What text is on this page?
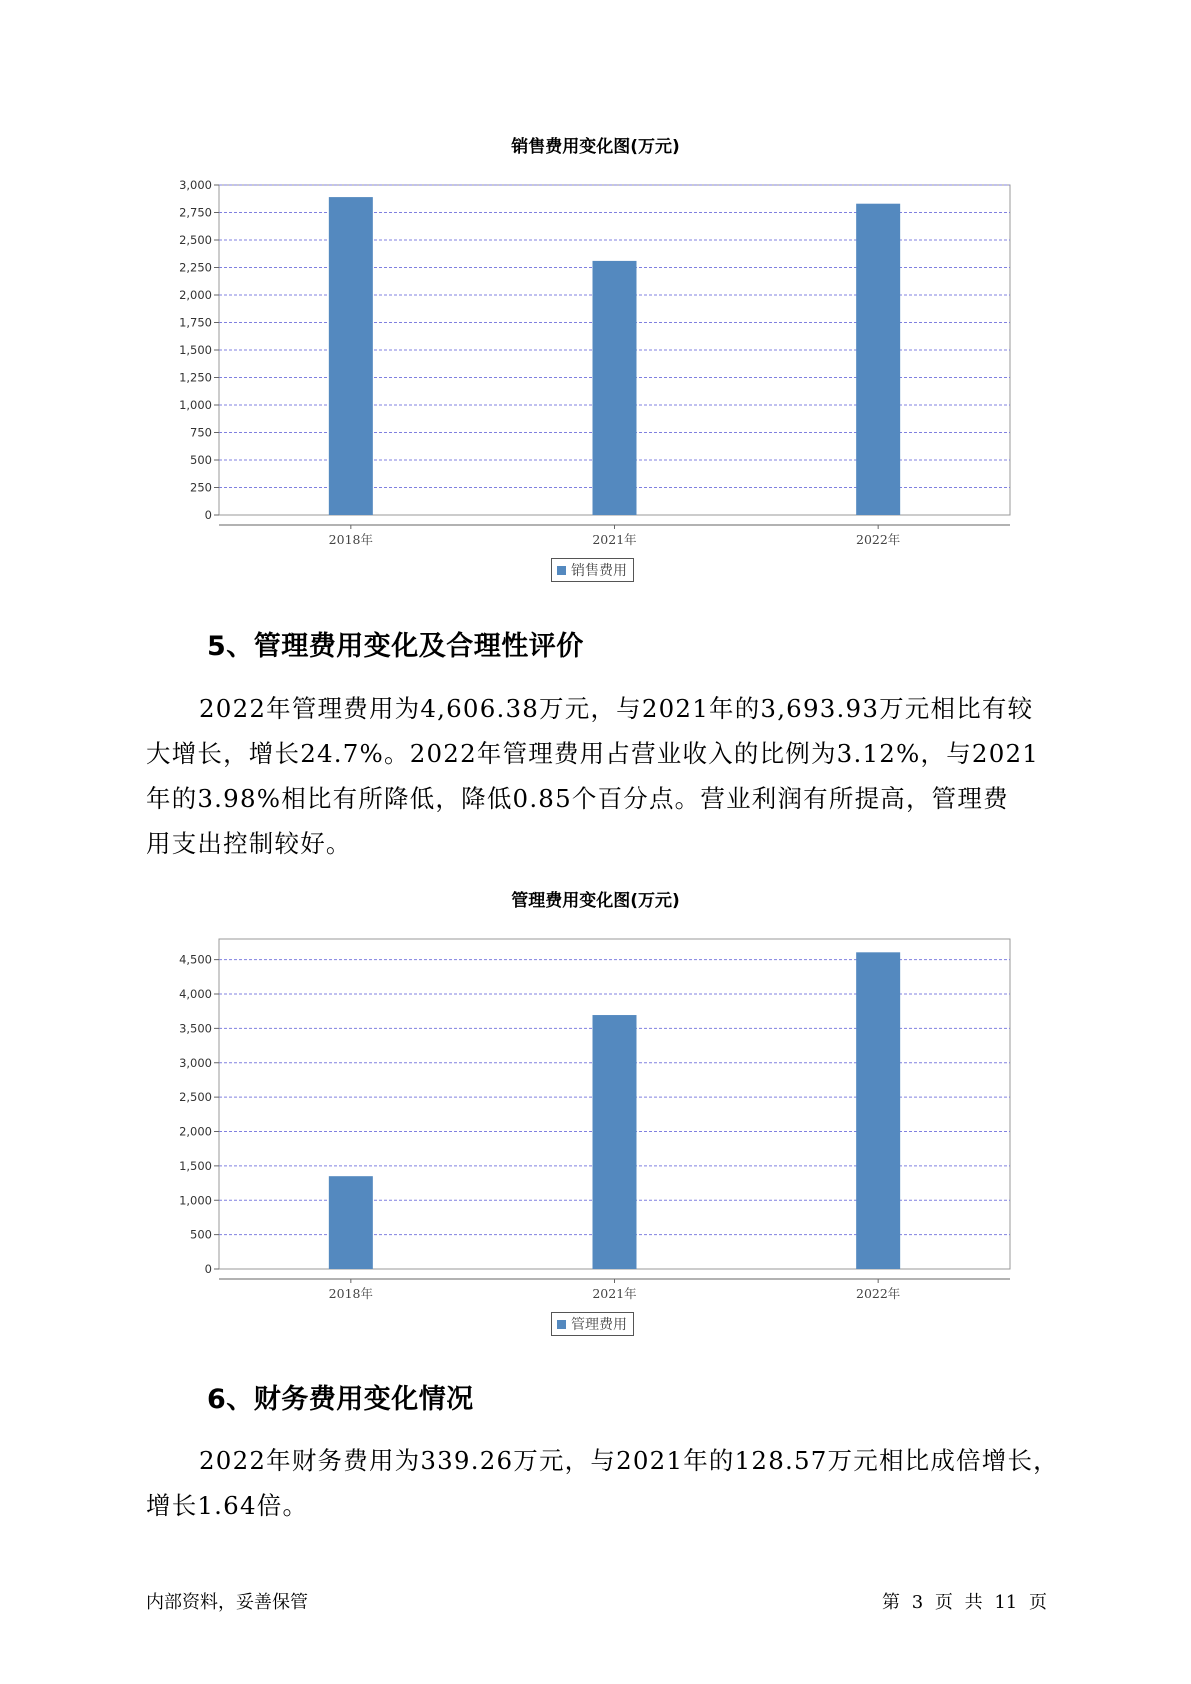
销售费用变化图(万元)
0
250
500
750
1,000
1,250
1,500
1,750
2,000
2,250
2,500
2,750
3,000
2018年	2021年	2022年
销售费用
5、管理费用变化及合理性评价
2022年管理费用为4,606.38万元，与2021年的3,693.93万元相比有较
大增长，增长24.7%。2022年管理费用占营业收入的比例为3.12%，与2021
年的3.98%相比有所降低，降低0.85个百分点。营业利润有所提高，管理费
用支出控制较好。
管理费用变化图(万元)
0
500
1,000
1,500
2,000
2,500
3,000
3,500
4,000
4,500
2018年	2021年	2022年
管理费用
6、财务费用变化情况
2022年财务费用为339.26万元，与2021年的128.57万元相比成倍增长，
增长1.64倍。
内部资料，妥善保管	第 3 页 共 11 页
